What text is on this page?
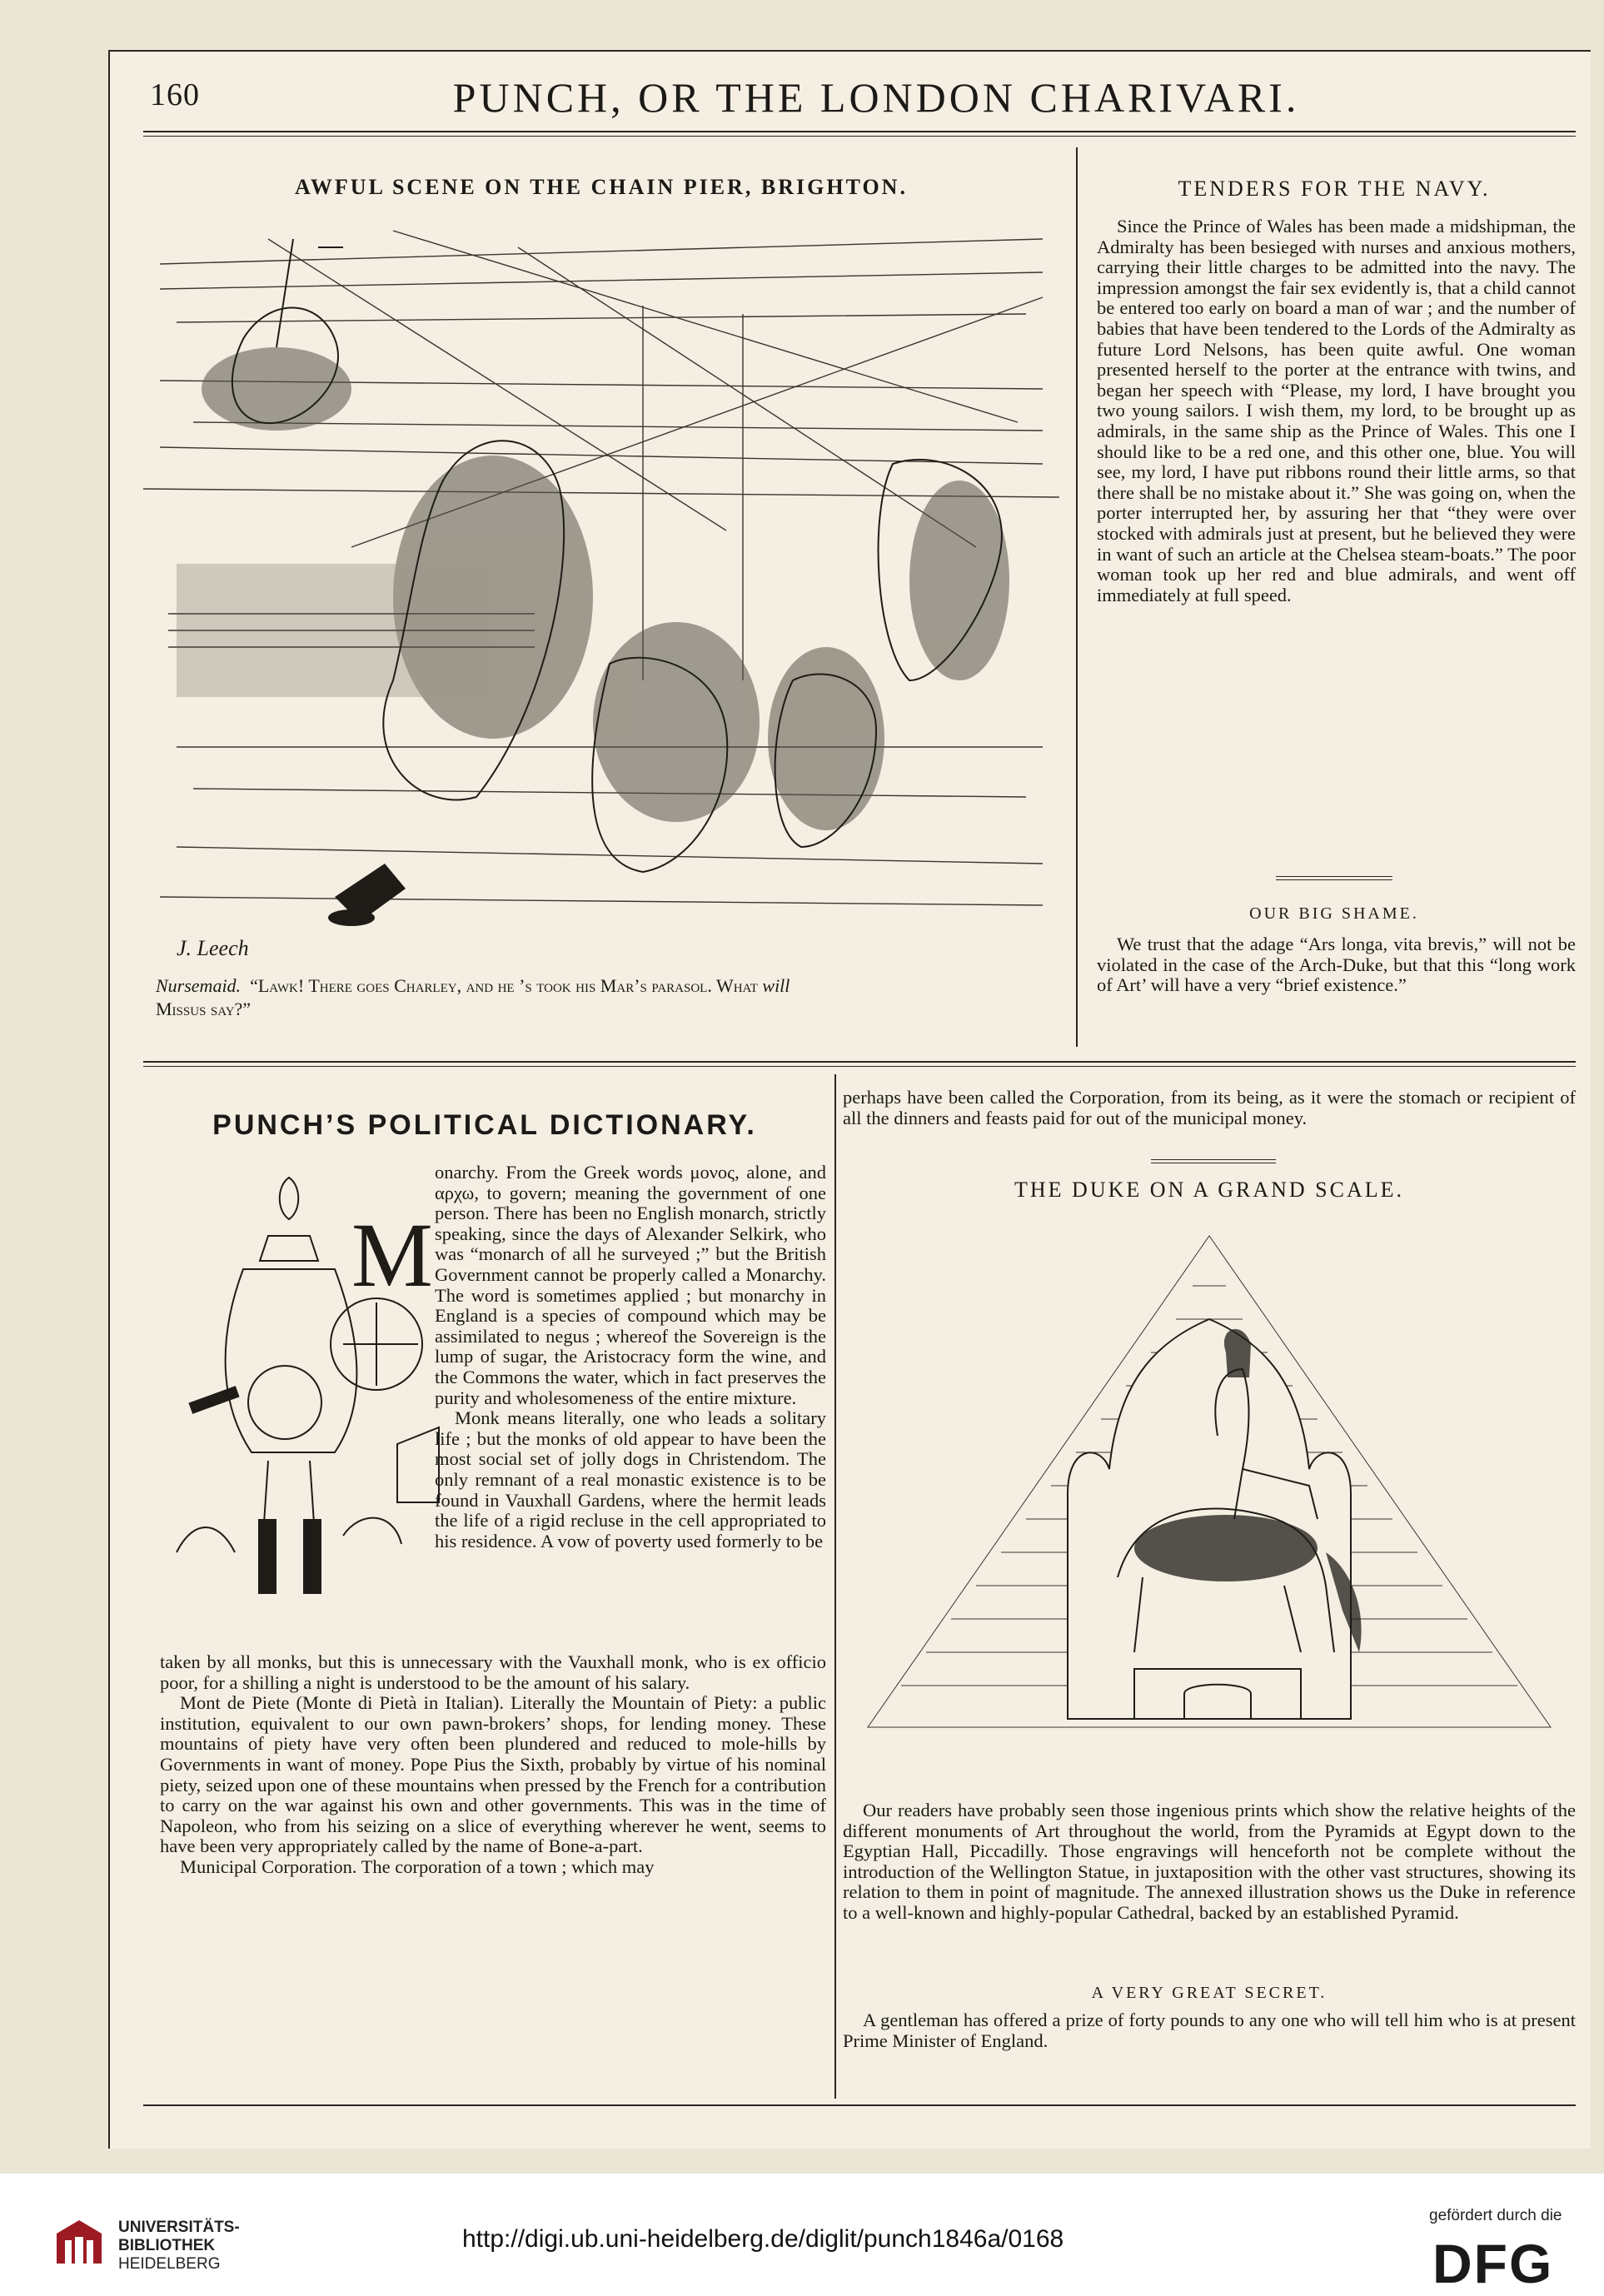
160	PUNCH, OR THE LONDON CHARIVARI.
AWFUL SCENE ON THE CHAIN PIER, BRIGHTON.
J. Leech
Nursemaid. “Lawk! There goes Charley, and he ’s took his Mar’s parasol. What will
Missus say?”
TENDERS FOR THE NAVY.

Since the Prince of Wales has been made a midshipman, the Admiralty has been besieged with nurses and anxious mothers, carrying their little charges to be admitted into the navy. The impression amongst the fair sex evidently is, that a child cannot be entered too early on board a man of war ; and the number of babies that have been tendered to the Lords of the Admiralty as future Lord Nelsons, has been quite awful. One woman presented herself to the porter at the entrance with twins, and began her speech with “Please, my lord, I have brought you two young sailors. I wish them, my lord, to be brought up as admirals, in the same ship as the Prince of Wales. This one I should like to be a red one, and this other one, blue. You will see, my lord, I have put ribbons round their little arms, so that there shall be no mistake about it.” She was going on, when the porter interrupted her, by assuring her that “they were over stocked with admirals just at present, but he believed they were in want of such an article at the Chelsea steam-boats.” The poor woman took up her red and blue admirals, and went off immediately at full speed.

OUR BIG SHAME.

We trust that the adage “Ars longa, vita brevis,” will not be violated in the case of the Arch-Duke, but that this “long work of Art’ will have a very “brief existence.”

PUNCH’S POLITICAL DICTIONARY.
M

onarchy. From the Greek words μονος, alone, and αρχω, to govern; meaning the government of one person. There has been no English monarch, strictly speaking, since the days of Alexander Selkirk, who was “monarch of all he surveyed ;” but the British Government cannot be properly called a Monarchy. The word is sometimes applied ; but monarchy in England is a species of compound which may be assimilated to negus ; whereof the Sovereign is the lump of sugar, the Aristocracy form the wine, and the Commons the water, which in fact preserves the purity and wholesomeness of the entire mixture.

Monk means literally, one who leads a solitary life ; but the monks of old appear to have been the most social set of jolly dogs in Christendom. The only remnant of a real monastic existence is to be found in Vauxhall Gardens, where the hermit leads the life of a rigid recluse in the cell appropriated to his residence. A vow of poverty used formerly to be

taken by all monks, but this is unnecessary with the Vauxhall monk, who is ex officio poor, for a shilling a night is understood to be the amount of his salary.

Mont de Piete (Monte di Pietà in Italian). Literally the Mountain of Piety: a public institution, equivalent to our own pawn-brokers’ shops, for lending money. These mountains of piety have very often been plundered and reduced to mole-hills by Governments in want of money. Pope Pius the Sixth, probably by virtue of his nominal piety, seized upon one of these mountains when pressed by the French for a contribution to carry on the war against his own and other governments. This was in the time of Napoleon, who from his seizing on a slice of everything wherever he went, seems to have been very appropriately called by the name of Bone-a-part.

Municipal Corporation. The corporation of a town ; which may

perhaps have been called the Corporation, from its being, as it were the stomach or recipient of all the dinners and feasts paid for out of the municipal money.

THE DUKE ON A GRAND SCALE.

Our readers have probably seen those ingenious prints which show the relative heights of the different monuments of Art throughout the world, from the Pyramids at Egypt down to the Egyptian Hall, Piccadilly. Those engravings will henceforth not be complete without the introduction of the Wellington Statue, in juxtaposition with the other vast structures, showing its relation to them in point of magnitude. The annexed illustration shows us the Duke in reference to a well-known and highly-popular Cathedral, backed by an established Pyramid.

A VERY GREAT SECRET.

A gentleman has offered a prize of forty pounds to any one who will tell him who is at present Prime Minister of England.

UNIVERSITÄTS-
BIBLIOTHEK
HEIDELBERG
http://digi.ub.uni-heidelberg.de/diglit/punch1846a/0168
gefördert durch die
DFG
